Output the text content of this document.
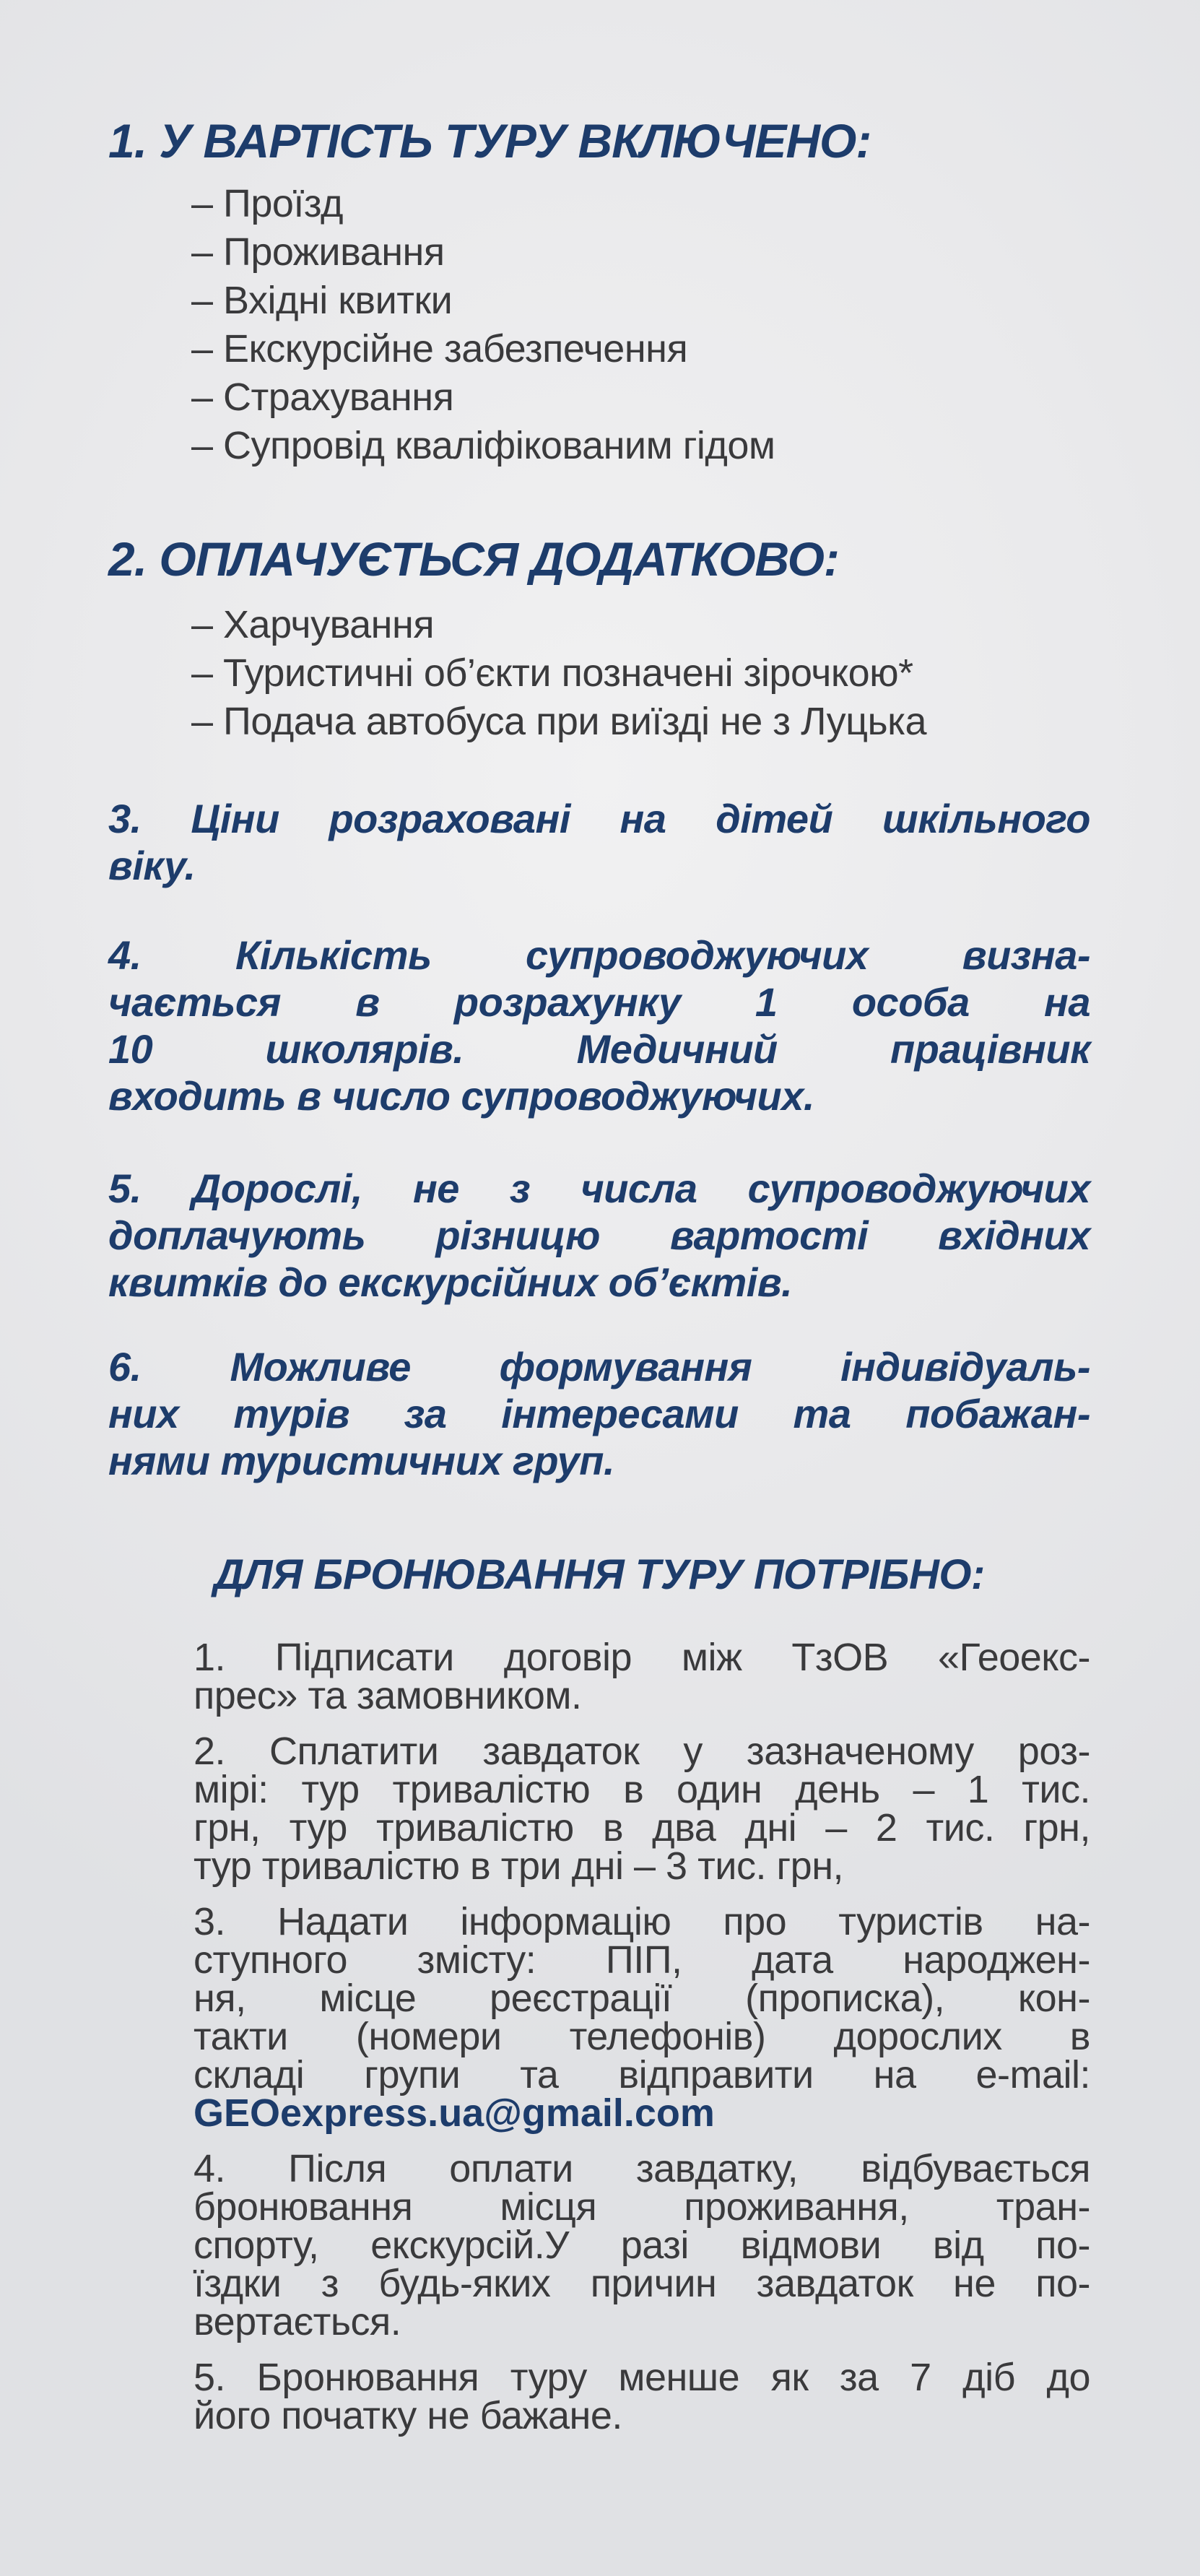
1. У ВАРТІСТЬ ТУРУ ВКЛЮЧЕНО:
– Проїзд
– Проживання
– Вхідні квитки
– Екскурсійне забезпечення
– Страхування
– Супровід кваліфікованим гідом
2. ОПЛАЧУЄТЬСЯ ДОДАТКОВО:
– Харчування
– Туристичні об’єкти позначені зірочкою*
– Подача автобуса при виїзді не з Луцька
3. Ціни розраховані на дітей шкільного
віку.
4. Кількість супроводжуючих визна-
чається в розрахунку 1 особа на
10 школярів. Медичний працівник
входить в число супроводжуючих.
5. Дорослі, не з числа супроводжуючих
доплачують різницю вартості вхідних
квитків до екскурсійних об’єктів.
6. Можливе формування індивідуаль-
них турів за інтересами та побажан-
нями туристичних груп.
ДЛЯ БРОНЮВАННЯ ТУРУ ПОТРІБНО:
1. Підписати договір між ТзОВ «Геоекс-
прес» та замовником.
2. Сплатити завдаток у зазначеному роз-
мірі: тур тривалістю в один день – 1 тис.
грн, тур тривалістю в два дні – 2 тис. грн,
тур тривалістю в три дні – 3 тис. грн,
3. Надати інформацію про туристів на-
ступного змісту: ПІП, дата народжен-
ня, місце реєстрації (прописка), кон-
такти (номери телефонів) дорослих в
складі групи та відправити на e-mail:
GEOexpress.ua@gmail.com
4. Після оплати завдатку, відбувається
бронювання місця проживання, тран-
спорту, екскурсій.У разі відмови від по-
їздки з будь-яких причин завдаток не по-
вертається.
5. Бронювання туру менше як за 7 діб до
його початку не бажане.
